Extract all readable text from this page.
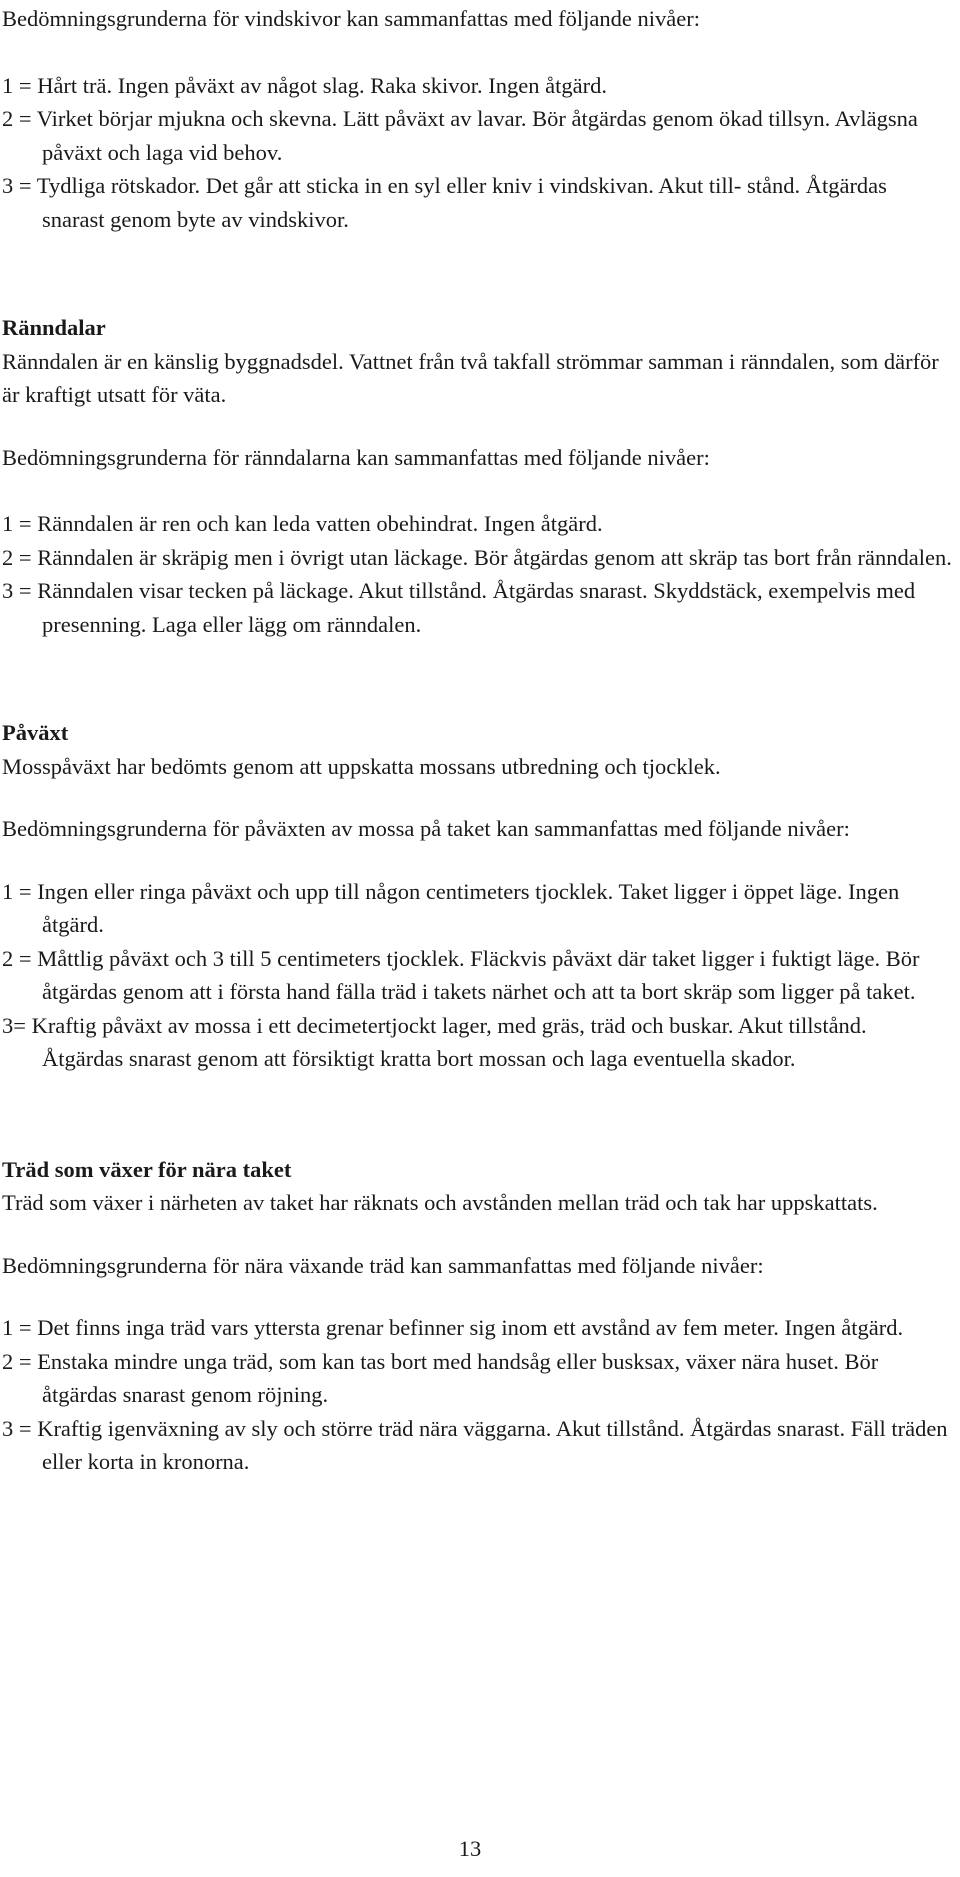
Bedömningsgrunderna för vindskivor kan sammanfattas med följande nivåer:

1 = Hårt trä. Ingen påväxt av något slag. Raka skivor. Ingen åtgärd.

2 = Virket börjar mjukna och skevna. Lätt påväxt av lavar. Bör åtgärdas genom ökad tillsyn. Avlägsna påväxt och laga vid behov.

3 = Tydliga rötskador. Det går att sticka in en syl eller kniv i vindskivan. Akut till- stånd. Åtgärdas snarast genom byte av vindskivor.

Ränndalar

Ränndalen är en känslig byggnadsdel. Vattnet från två takfall strömmar samman i ränndalen, som därför är kraftigt utsatt för väta.

Bedömningsgrunderna för ränndalarna kan sammanfattas med följande nivåer:

1 = Ränndalen är ren och kan leda vatten obehindrat. Ingen åtgärd.

2 = Ränndalen är skräpig men i övrigt utan läckage. Bör åtgärdas genom att skräp tas bort från ränndalen.

3 = Ränndalen visar tecken på läckage. Akut tillstånd. Åtgärdas snarast. Skyddstäck, exempelvis med presenning. Laga eller lägg om ränndalen.

Påväxt

Mosspåväxt har bedömts genom att uppskatta mossans utbredning och tjocklek.

Bedömningsgrunderna för påväxten av mossa på taket kan sammanfattas med följande nivåer:

1 = Ingen eller ringa påväxt och upp till någon centimeters tjocklek. Taket ligger i öppet läge. Ingen åtgärd.

2 = Måttlig påväxt och 3 till 5 centimeters tjocklek. Fläckvis påväxt där taket ligger i fuktigt läge. Bör åtgärdas genom att i första hand fälla träd i takets närhet och att ta bort skräp som ligger på taket.

3= Kraftig påväxt av mossa i ett decimetertjockt lager, med gräs, träd och buskar. Akut tillstånd. Åtgärdas snarast genom att försiktigt kratta bort mossan och laga eventuella skador.

Träd som växer för nära taket

Träd som växer i närheten av taket har räknats och avstånden mellan träd och tak har uppskattats.

Bedömningsgrunderna för nära växande träd kan sammanfattas med följande nivåer:

1 = Det finns inga träd vars yttersta grenar befinner sig inom ett avstånd av fem meter. Ingen åtgärd.

2 = Enstaka mindre unga träd, som kan tas bort med handsåg eller busksax, växer nära huset. Bör åtgärdas snarast genom röjning.

3 = Kraftig igenväxning av sly och större träd nära väggarna. Akut tillstånd. Åtgärdas snarast. Fäll träden eller korta in kronorna.

13
